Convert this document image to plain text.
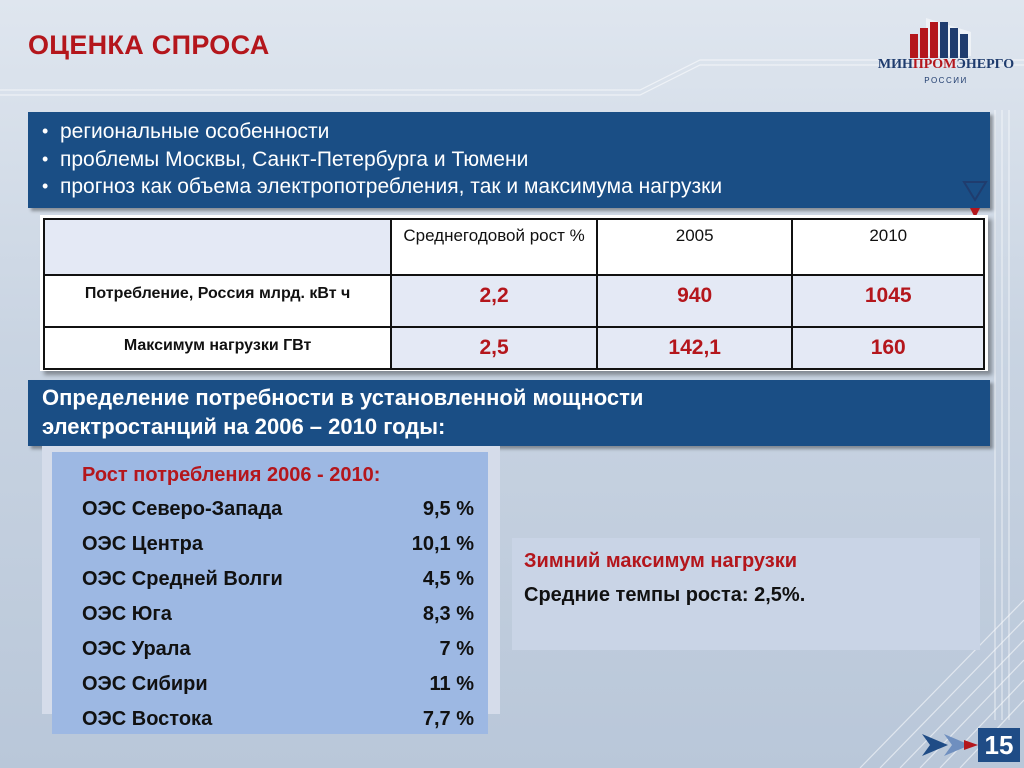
ОЦЕНКА СПРОСА
МИНПРОМЭНЕРГО
РОССИИ
• региональные особенности
• проблемы Москвы, Санкт-Петербурга и Тюмени
• прогноз как объема электропотребления, так и максимума нагрузки
	Среднегодовой рост %	2005	2010
Потребление, Россия млрд. кВт ч	2,2	940	1045
Максимум нагрузки ГВт	2,5	142,1	160
Определение потребности в установленной мощности
электростанций на 2006 – 2010 годы:
Рост потребления 2006 - 2010:
ОЭС Северо-Запада	9,5 %
ОЭС Центра	10,1 %
ОЭС Средней Волги	4,5 %
ОЭС Юга	8,3 %
ОЭС Урала	7 %
ОЭС Сибири	11 %
ОЭС Востока	7,7 %
Зимний максимум нагрузки
Средние темпы роста: 2,5%.
15
